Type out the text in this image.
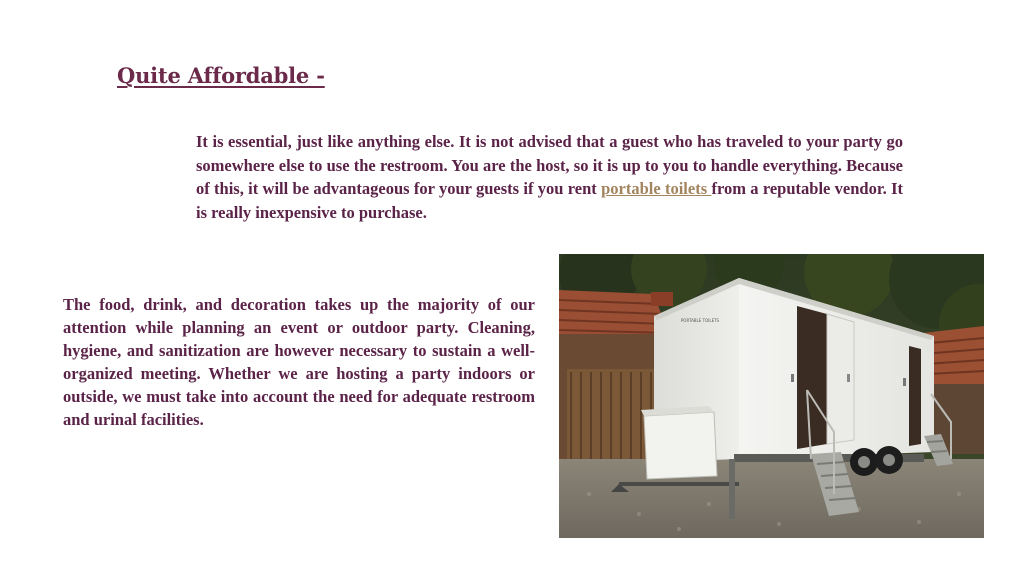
Quite Affordable -

It is essential, just like anything else. It is not advised that a guest who has traveled to your party go somewhere else to use the restroom. You are the host, so it is up to you to handle everything. Because of this, it will be advantageous for your guests if you rent portable toilets from a reputable vendor. It is really inexpensive to purchase.

The food, drink, and decoration takes up the majority of our attention while planning an event or outdoor party. Cleaning, hygiene, and sanitization are however necessary to sustain a well-organized meeting. Whether we are hosting a party indoors or outside, we must take into account the need for adequate restroom and urinal facilities.

PORTABLE TOILETS
